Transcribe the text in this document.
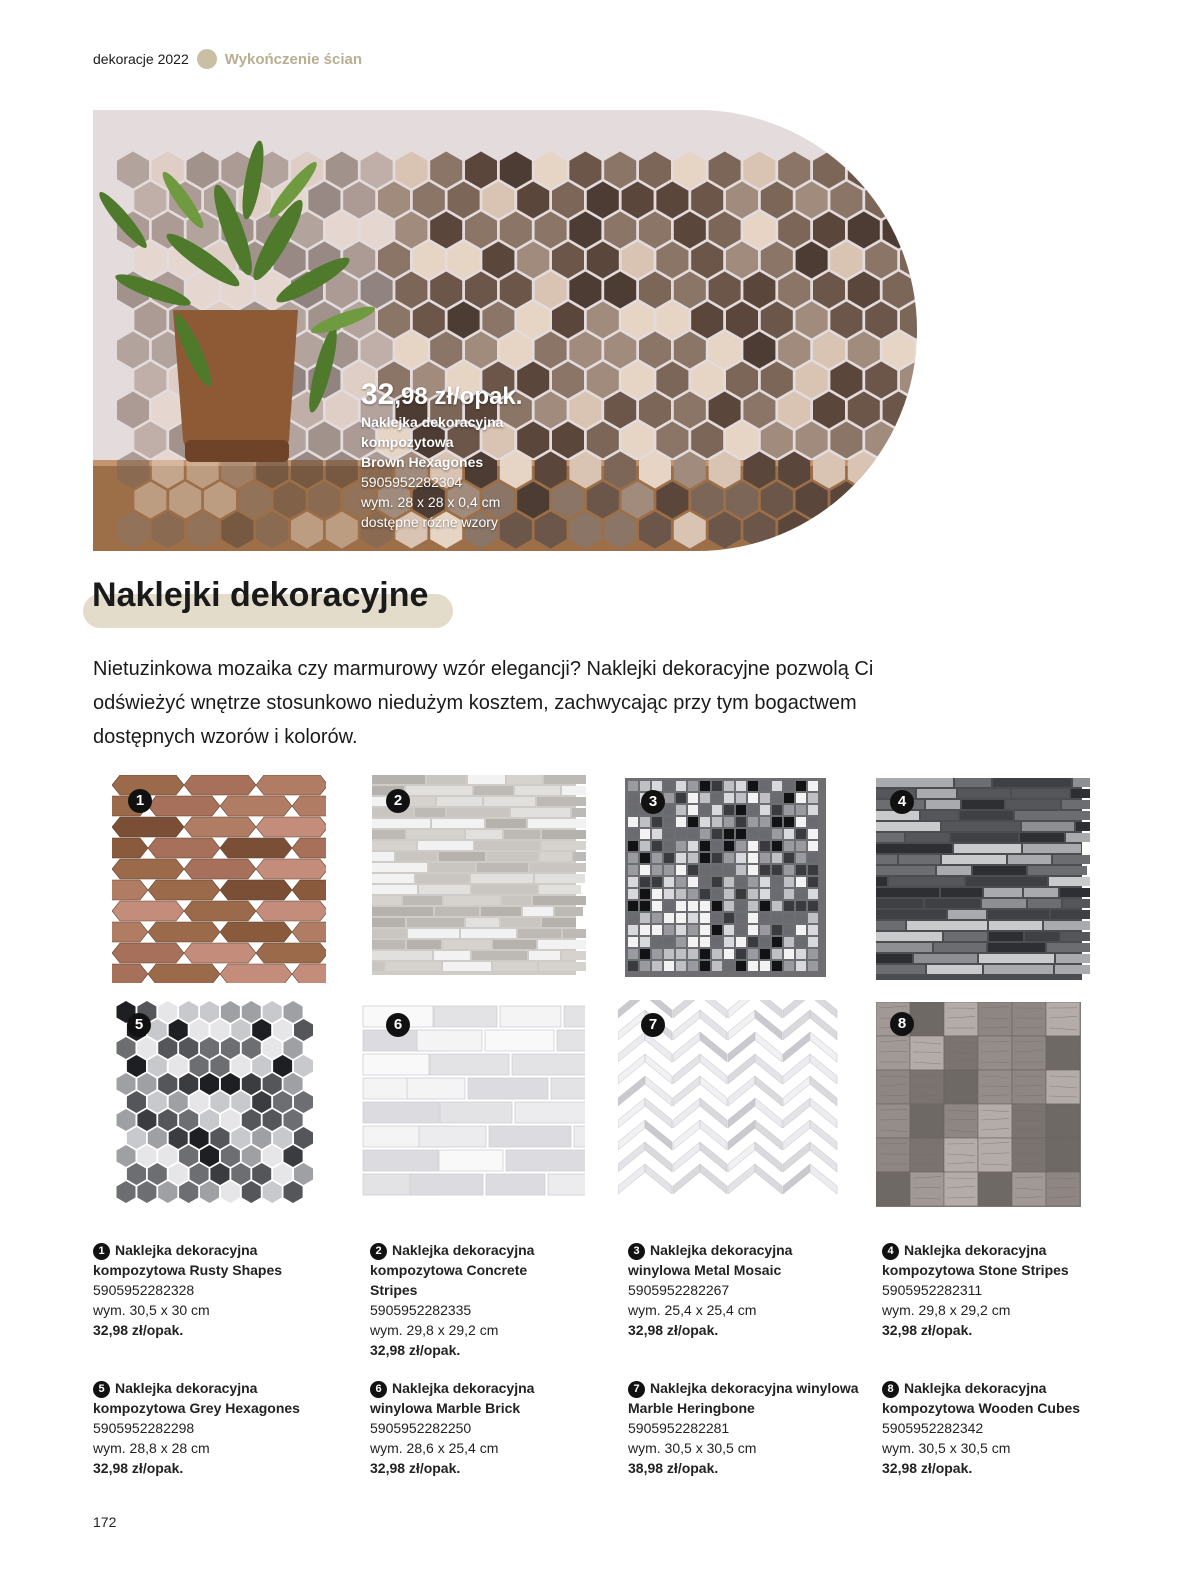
dekoracje 2022 Wykończenie ścian
32,98 zł/opak.
Naklejka dekoracyjna
kompozytowa
Brown Hexagones
5905952282304
wym. 28 x 28 x 0,4 cm
dostępne różne wzory
Naklejki dekoracyjne
Nietuzinkowa mozaika czy marmurowy wzór elegancji? Naklejki dekoracyjne pozwolą Ci odświeżyć wnętrze stosunkowo niedużym kosztem, zachwycając przy tym bogactwem dostępnych wzorów i kolorów.
1	2	3	4
5	6	7	8
1 Naklejka dekoracyjna kompozytowa Rusty Shapes
5905952282328
wym. 30,5 x 30 cm
32,98 zł/opak.
2 Naklejka dekoracyjna kompozytowa Concrete Stripes
5905952282335
wym. 29,8 x 29,2 cm
32,98 zł/opak.
3 Naklejka dekoracyjna winylowa Metal Mosaic
5905952282267
wym. 25,4 x 25,4 cm
32,98 zł/opak.
4 Naklejka dekoracyjna kompozytowa Stone Stripes
5905952282311
wym. 29,8 x 29,2 cm
32,98 zł/opak.
5 Naklejka dekoracyjna kompozytowa Grey Hexagones
5905952282298
wym. 28,8 x 28 cm
32,98 zł/opak.
6 Naklejka dekoracyjna winylowa Marble Brick
5905952282250
wym. 28,6 x 25,4 cm
32,98 zł/opak.
7 Naklejka dekoracyjna winylowa Marble Heringbone
5905952282281
wym. 30,5 x 30,5 cm
38,98 zł/opak.
8 Naklejka dekoracyjna kompozytowa Wooden Cubes
5905952282342
wym. 30,5 x 30,5 cm
32,98 zł/opak.
172
